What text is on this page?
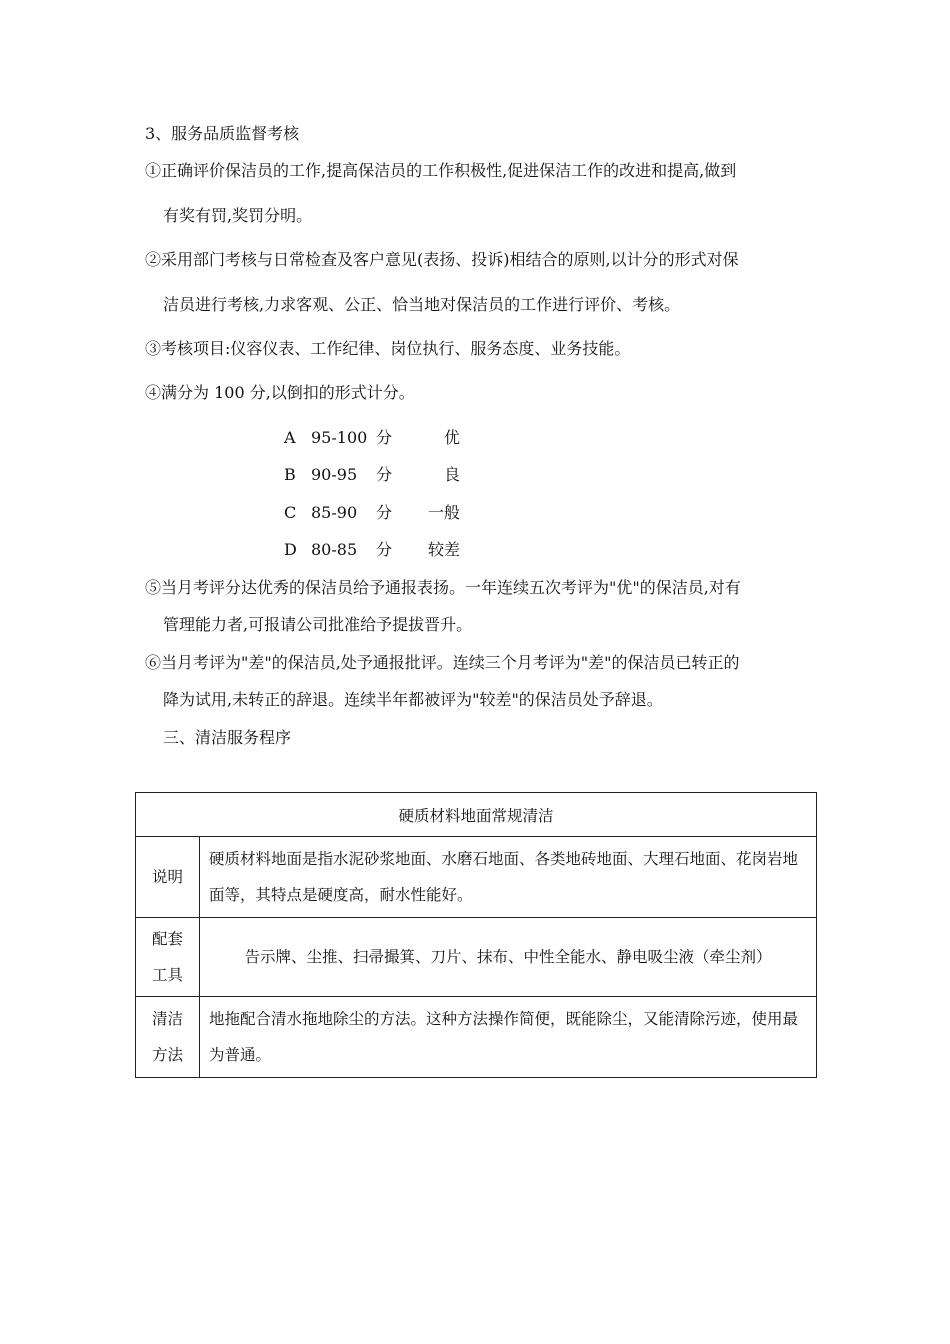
3、服务品质监督考核
①正确评价保洁员的工作,提高保洁员的工作积极性,促进保洁工作的改进和提高,做到
有奖有罚,奖罚分明。
②采用部门考核与日常检查及客户意见(表扬、投诉)相结合的原则,以计分的形式对保
洁员进行考核,力求客观、公正、恰当地对保洁员的工作进行评价、考核。
③考核项目:仪容仪表、工作纪律、岗位执行、服务态度、业务技能。
④满分为 100 分,以倒扣的形式计分。
A 95-100 分	优
B 90-95 分	良
C 85-90 分	一般
D 80-85 分	较差
⑤当月考评分达优秀的保洁员给予通报表扬。一年连续五次考评为"优"的保洁员,对有
管理能力者,可报请公司批准给予提拔晋升。
⑥当月考评为"差"的保洁员,处予通报批评。连续三个月考评为"差"的保洁员已转正的
降为试用,未转正的辞退。连续半年都被评为"较差"的保洁员处予辞退。
三、清洁服务程序
硬质材料地面常规清洁	
说明	硬质材料地面是指水泥砂浆地面、水磨石地面、各类地砖地面、大理石地面、花岗岩地面等，其特点是硬度高，耐水性能好。
配套
工具	告示牌、尘推、扫帚撮箕、刀片、抹布、中性全能水、静电吸尘液（牵尘剂）
清洁
方法	地拖配合清水拖地除尘的方法。这种方法操作简便，既能除尘，又能清除污迹，使用最为普通。
